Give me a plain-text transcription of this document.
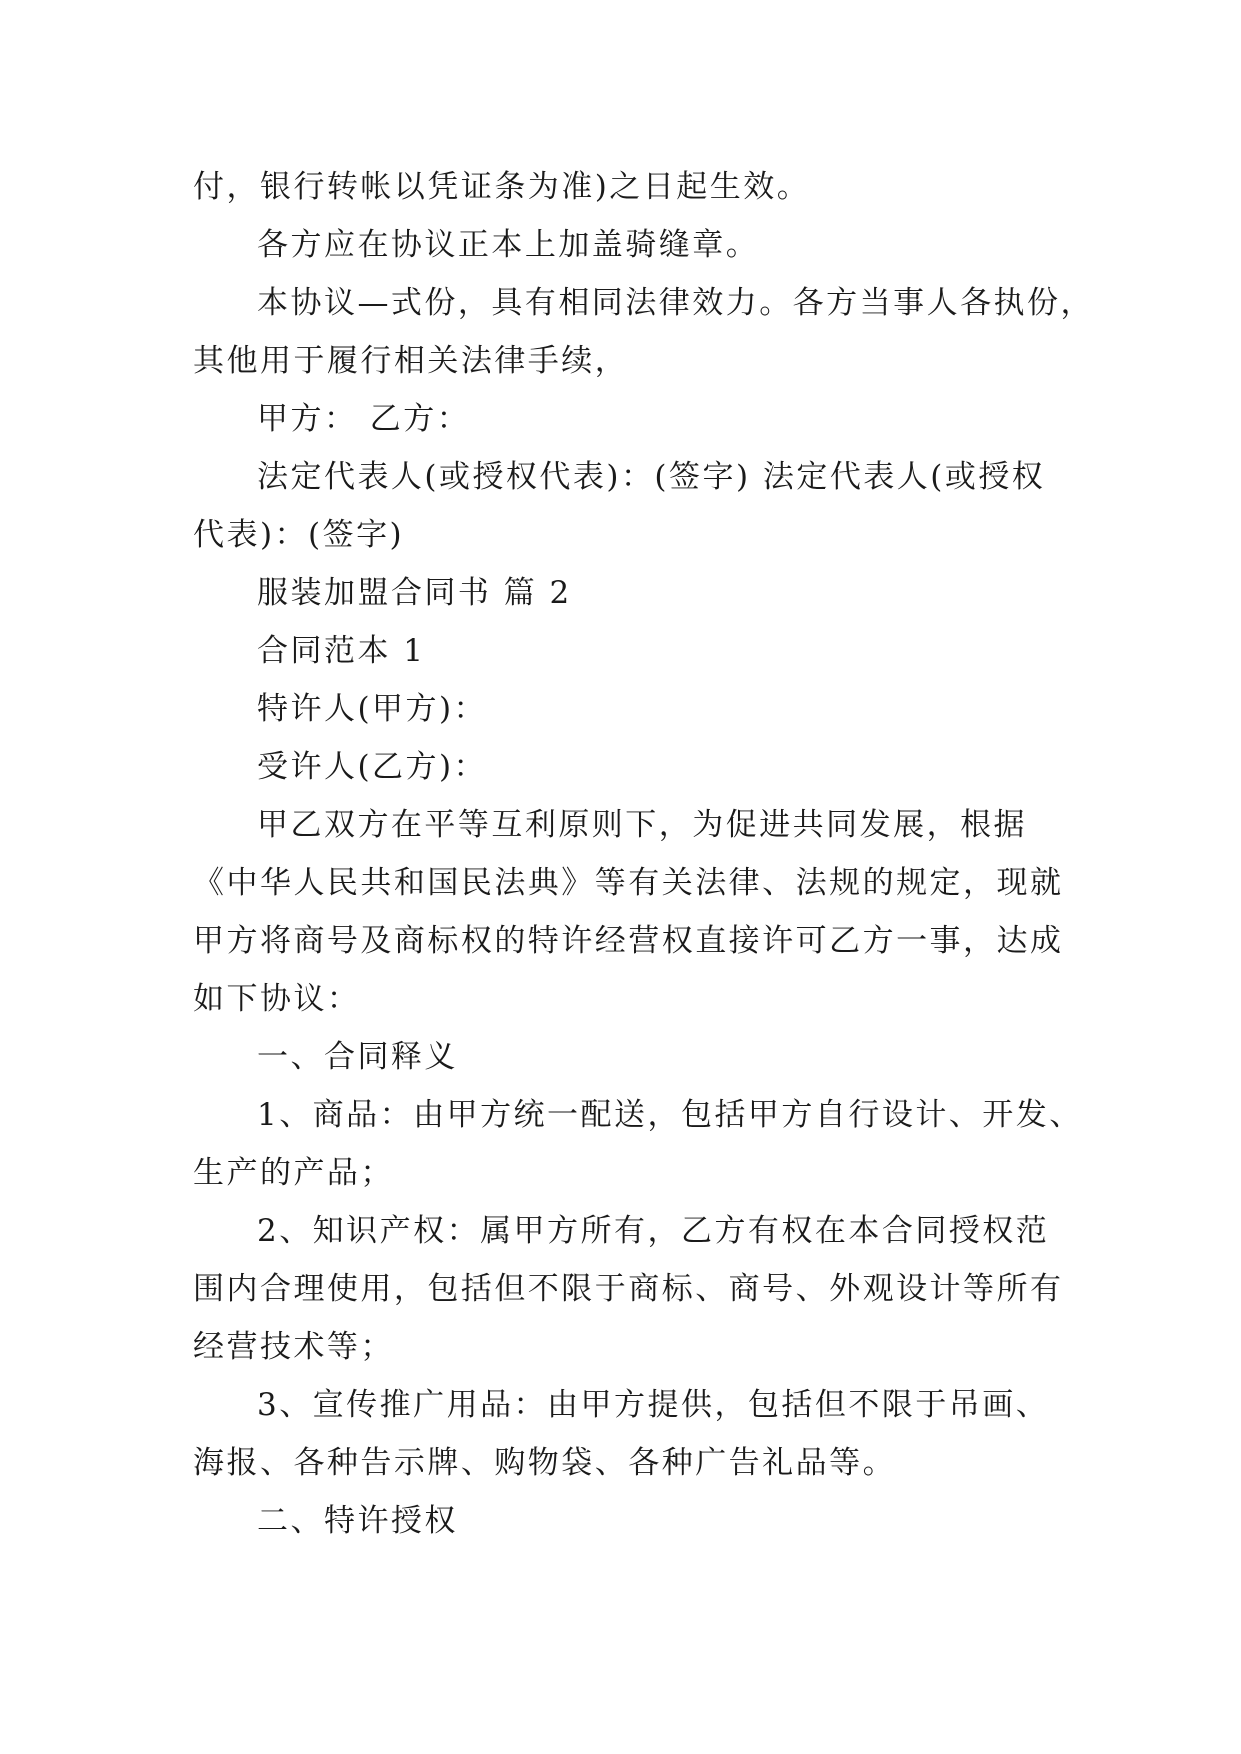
付，银行转帐以凭证条为准)之日起生效。
各方应在协议正本上加盖骑缝章。
本协议—式份，具有相同法律效力。各方当事人各执份，
其他用于履行相关法律手续，
甲方： 乙方：
法定代表人(或授权代表)：(签字) 法定代表人(或授权
代表)：(签字)
服装加盟合同书 篇 2
合同范本 1
特许人(甲方)：
受许人(乙方)：
甲乙双方在平等互利原则下，为促进共同发展，根据
《中华人民共和国民法典》等有关法律、法规的规定，现就
甲方将商号及商标权的特许经营权直接许可乙方一事，达成
如下协议：
一、合同释义
1、商品：由甲方统一配送，包括甲方自行设计、开发、
生产的产品；
2、知识产权：属甲方所有，乙方有权在本合同授权范
围内合理使用，包括但不限于商标、商号、外观设计等所有
经营技术等；
3、宣传推广用品：由甲方提供，包括但不限于吊画、
海报、各种告示牌、购物袋、各种广告礼品等。
二、特许授权
